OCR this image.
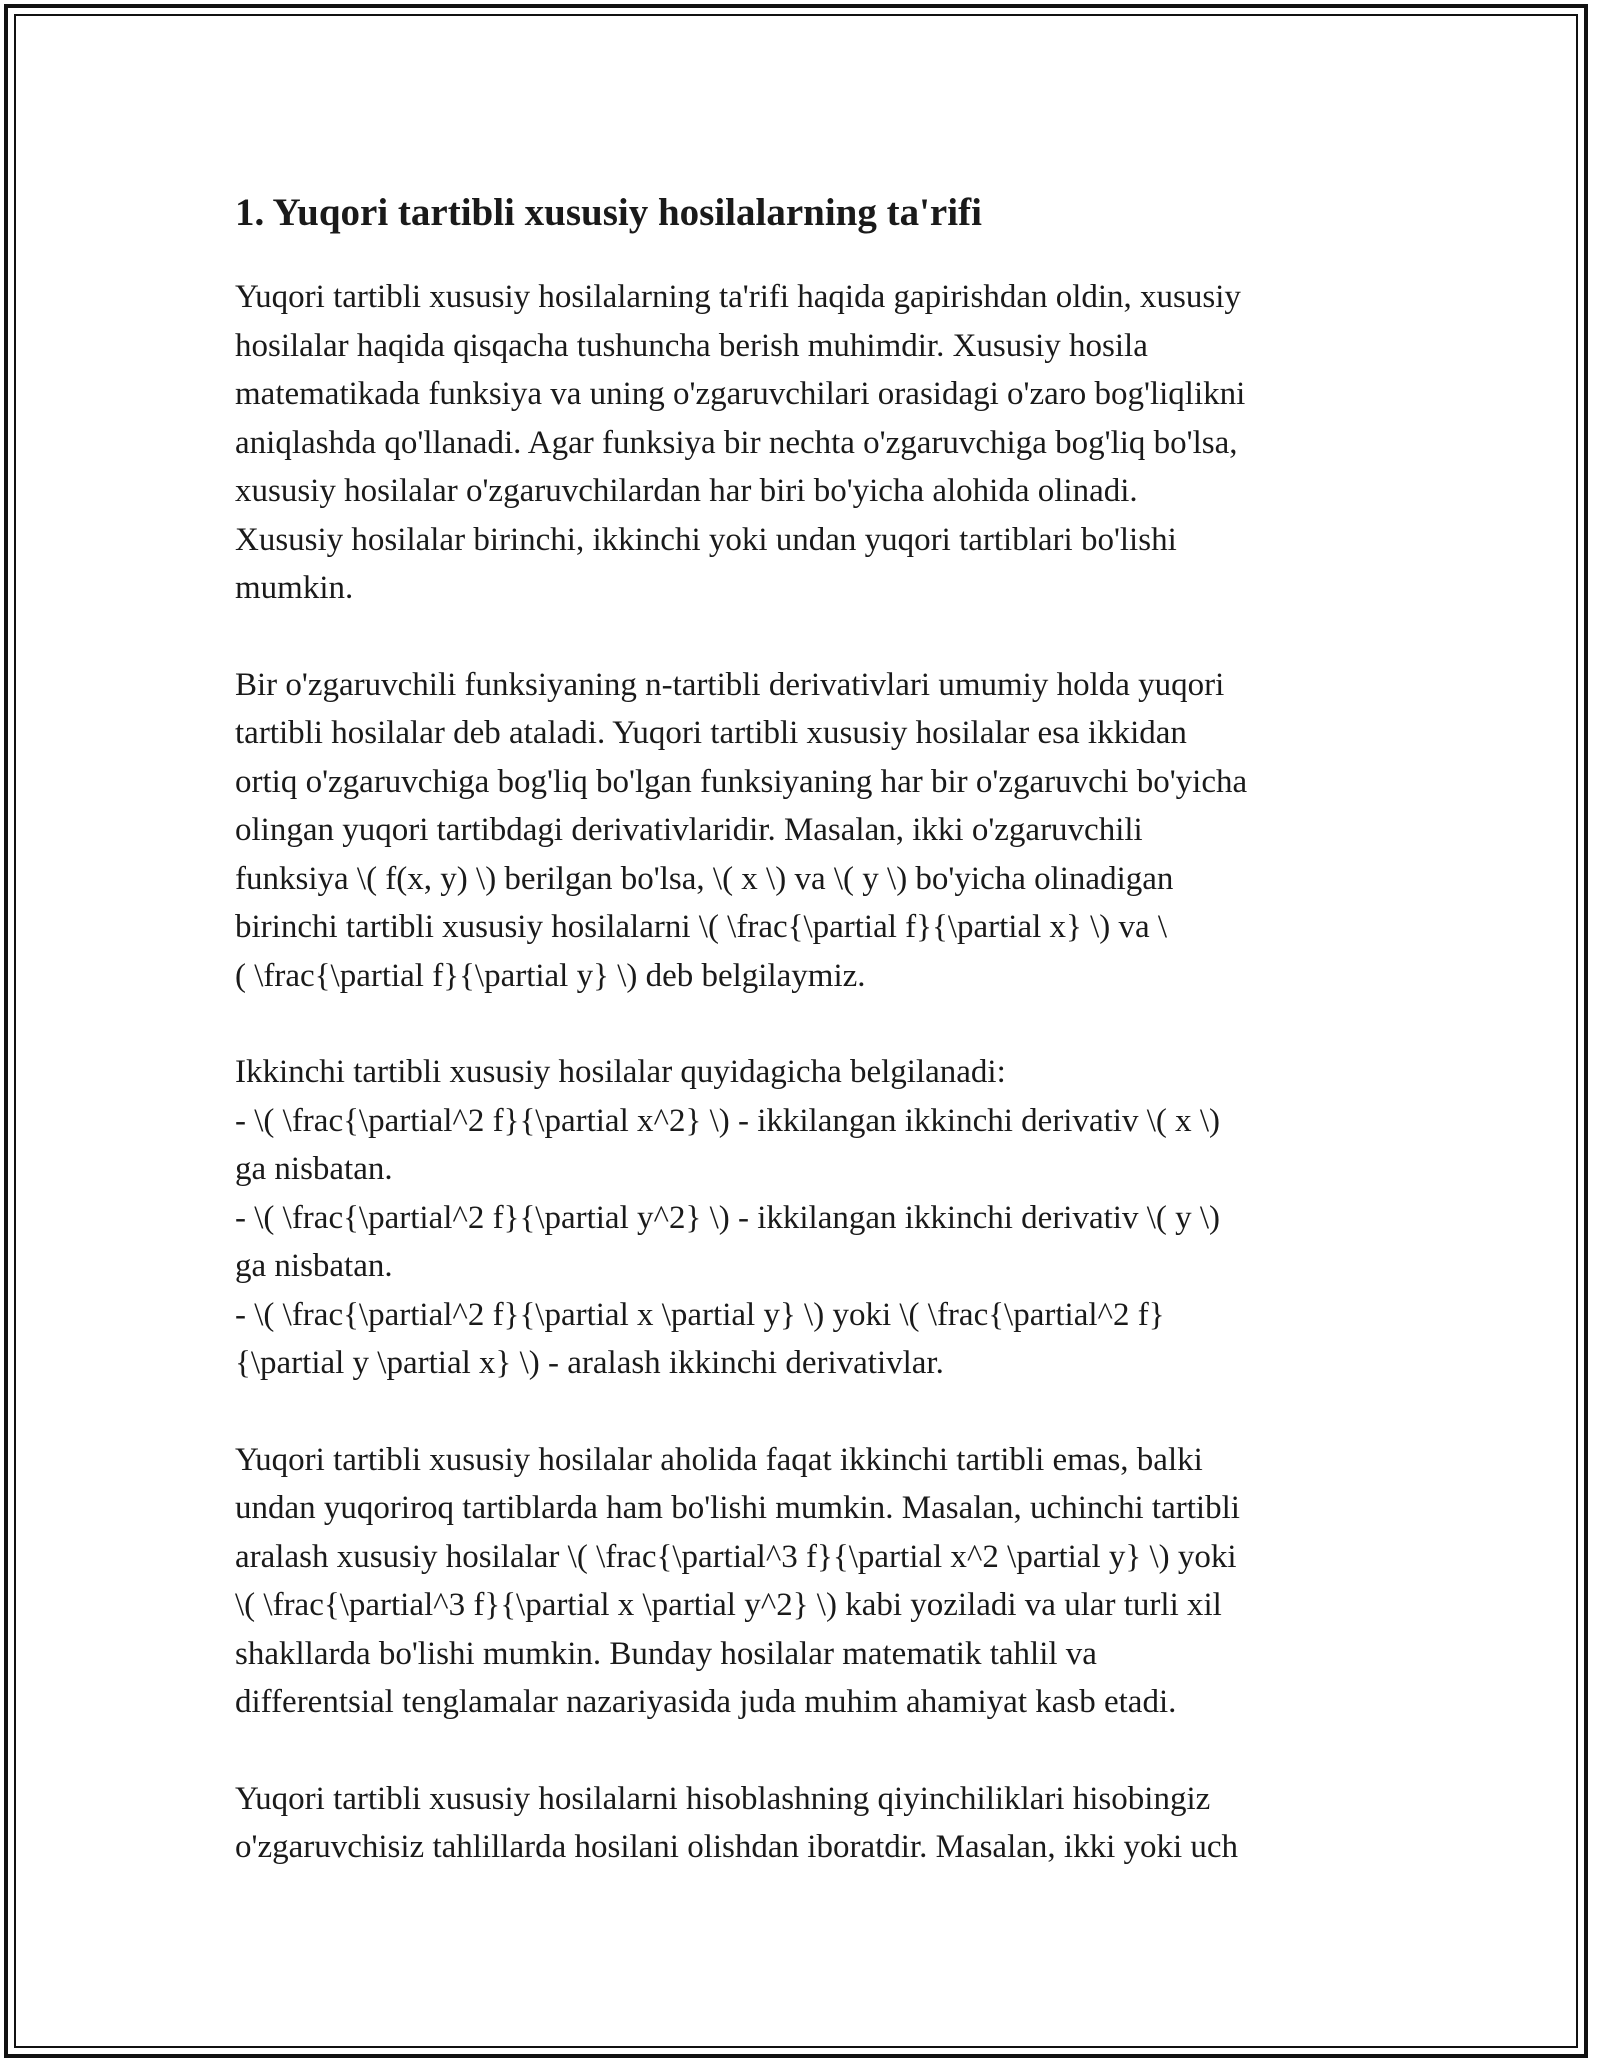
1. Yuqori tartibli xususiy hosilalarning ta'rifi

Yuqori tartibli xususiy hosilalarning ta'rifi haqida gapirishdan oldin, xususiy
hosilalar haqida qisqacha tushuncha berish muhimdir. Xususiy hosila
matematikada funksiya va uning o'zgaruvchilari orasidagi o'zaro bog'liqlikni
aniqlashda qo'llanadi. Agar funksiya bir nechta o'zgaruvchiga bog'liq bo'lsa,
xususiy hosilalar o'zgaruvchilardan har biri bo'yicha alohida olinadi.
Xususiy hosilalar birinchi, ikkinchi yoki undan yuqori tartiblari bo'lishi
mumkin.

Bir o'zgaruvchili funksiyaning n-tartibli derivativlari umumiy holda yuqori
tartibli hosilalar deb ataladi. Yuqori tartibli xususiy hosilalar esa ikkidan
ortiq o'zgaruvchiga bog'liq bo'lgan funksiyaning har bir o'zgaruvchi bo'yicha
olingan yuqori tartibdagi derivativlaridir. Masalan, ikki o'zgaruvchili
funksiya \( f(x, y) \) berilgan bo'lsa, \( x \) va \( y \) bo'yicha olinadigan
birinchi tartibli xususiy hosilalarni \( \frac{\partial f}{\partial x} \) va \
( \frac{\partial f}{\partial y} \) deb belgilaymiz.

Ikkinchi tartibli xususiy hosilalar quyidagicha belgilanadi:
- \( \frac{\partial^2 f}{\partial x^2} \) - ikkilangan ikkinchi derivativ \( x \)
ga nisbatan.
- \( \frac{\partial^2 f}{\partial y^2} \) - ikkilangan ikkinchi derivativ \( y \)
ga nisbatan.
- \( \frac{\partial^2 f}{\partial x \partial y} \) yoki \( \frac{\partial^2 f}
{\partial y \partial x} \) - aralash ikkinchi derivativlar.

Yuqori tartibli xususiy hosilalar aholida faqat ikkinchi tartibli emas, balki
undan yuqoriroq tartiblarda ham bo'lishi mumkin. Masalan, uchinchi tartibli
aralash xususiy hosilalar \( \frac{\partial^3 f}{\partial x^2 \partial y} \) yoki
\( \frac{\partial^3 f}{\partial x \partial y^2} \) kabi yoziladi va ular turli xil
shakllarda bo'lishi mumkin. Bunday hosilalar matematik tahlil va
differentsial tenglamalar nazariyasida juda muhim ahamiyat kasb etadi.

Yuqori tartibli xususiy hosilalarni hisoblashning qiyinchiliklari hisobingiz
o'zgaruvchisiz tahlillarda hosilani olishdan iboratdir. Masalan, ikki yoki uch
